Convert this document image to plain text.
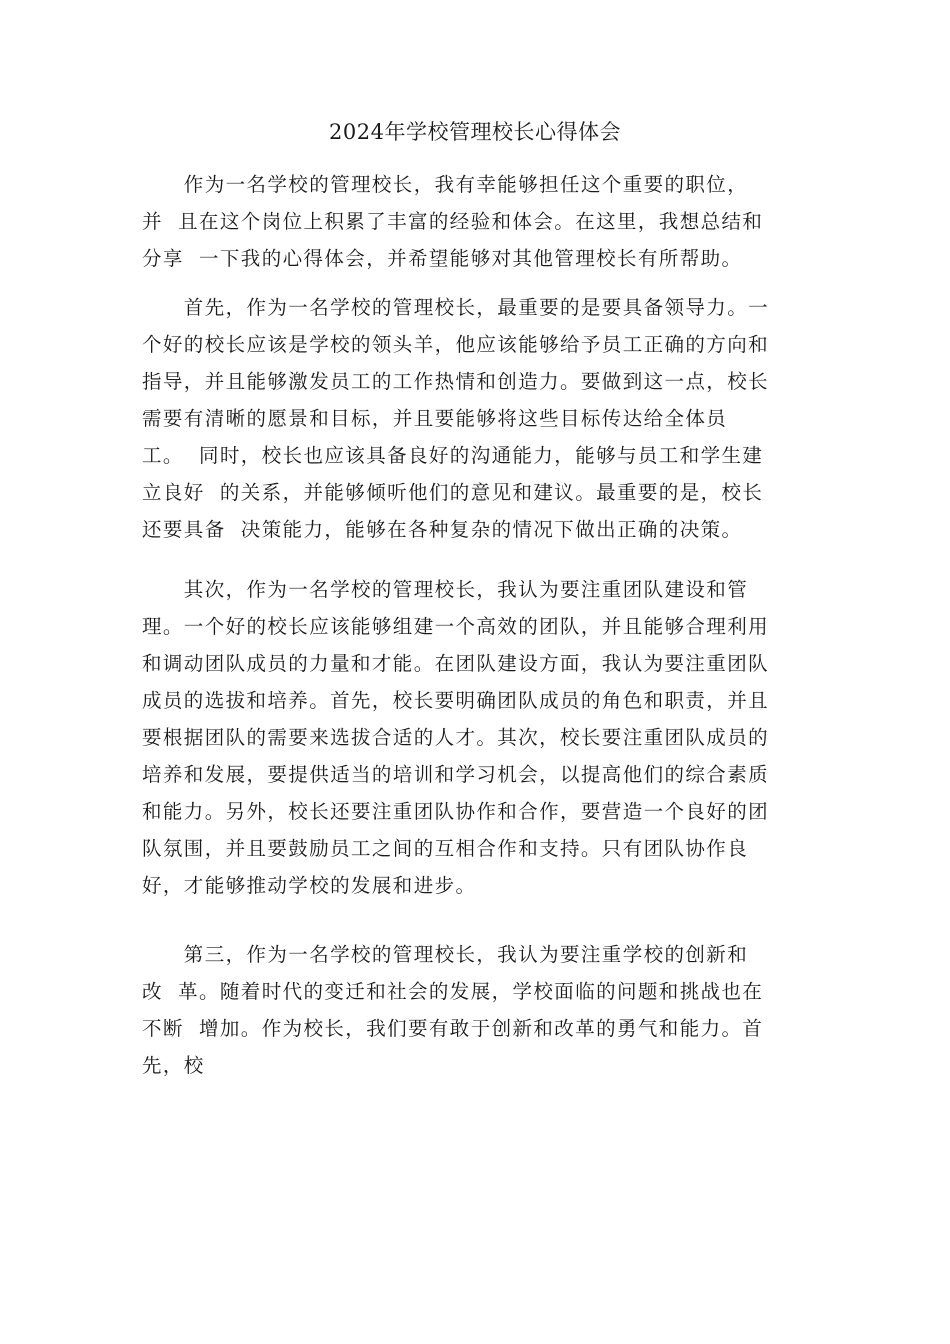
2024年学校管理校长心得体会
　　作为一名学校的管理校长，我有幸能够担任这个重要的职位，
并  且在这个岗位上积累了丰富的经验和体会。在这里，我想总结和
分享  一下我的心得体会，并希望能够对其他管理校长有所帮助。
　　首先，作为一名学校的管理校长，最重要的是要具备领导力。一
个好的校长应该是学校的领头羊，他应该能够给予员工正确的方向和
指导，并且能够激发员工的工作热情和创造力。要做到这一点，校长
需要有清晰的愿景和目标，并且要能够将这些目标传达给全体员
工。  同时，校长也应该具备良好的沟通能力，能够与员工和学生建
立良好  的关系，并能够倾听他们的意见和建议。最重要的是，校长
还要具备  决策能力，能够在各种复杂的情况下做出正确的决策。
　　其次，作为一名学校的管理校长，我认为要注重团队建设和管
理。一个好的校长应该能够组建一个高效的团队，并且能够合理利用
和调动团队成员的力量和才能。在团队建设方面，我认为要注重团队
成员的选拔和培养。首先，校长要明确团队成员的角色和职责，并且
要根据团队的需要来选拔合适的人才。其次，校长要注重团队成员的
培养和发展，要提供适当的培训和学习机会，以提高他们的综合素质
和能力。另外，校长还要注重团队协作和合作，要营造一个良好的团
队氛围，并且要鼓励员工之间的互相合作和支持。只有团队协作良
好，才能够推动学校的发展和进步。
　　第三，作为一名学校的管理校长，我认为要注重学校的创新和
改  革。随着时代的变迁和社会的发展，学校面临的问题和挑战也在
不断  增加。作为校长，我们要有敢于创新和改革的勇气和能力。首
先，校
